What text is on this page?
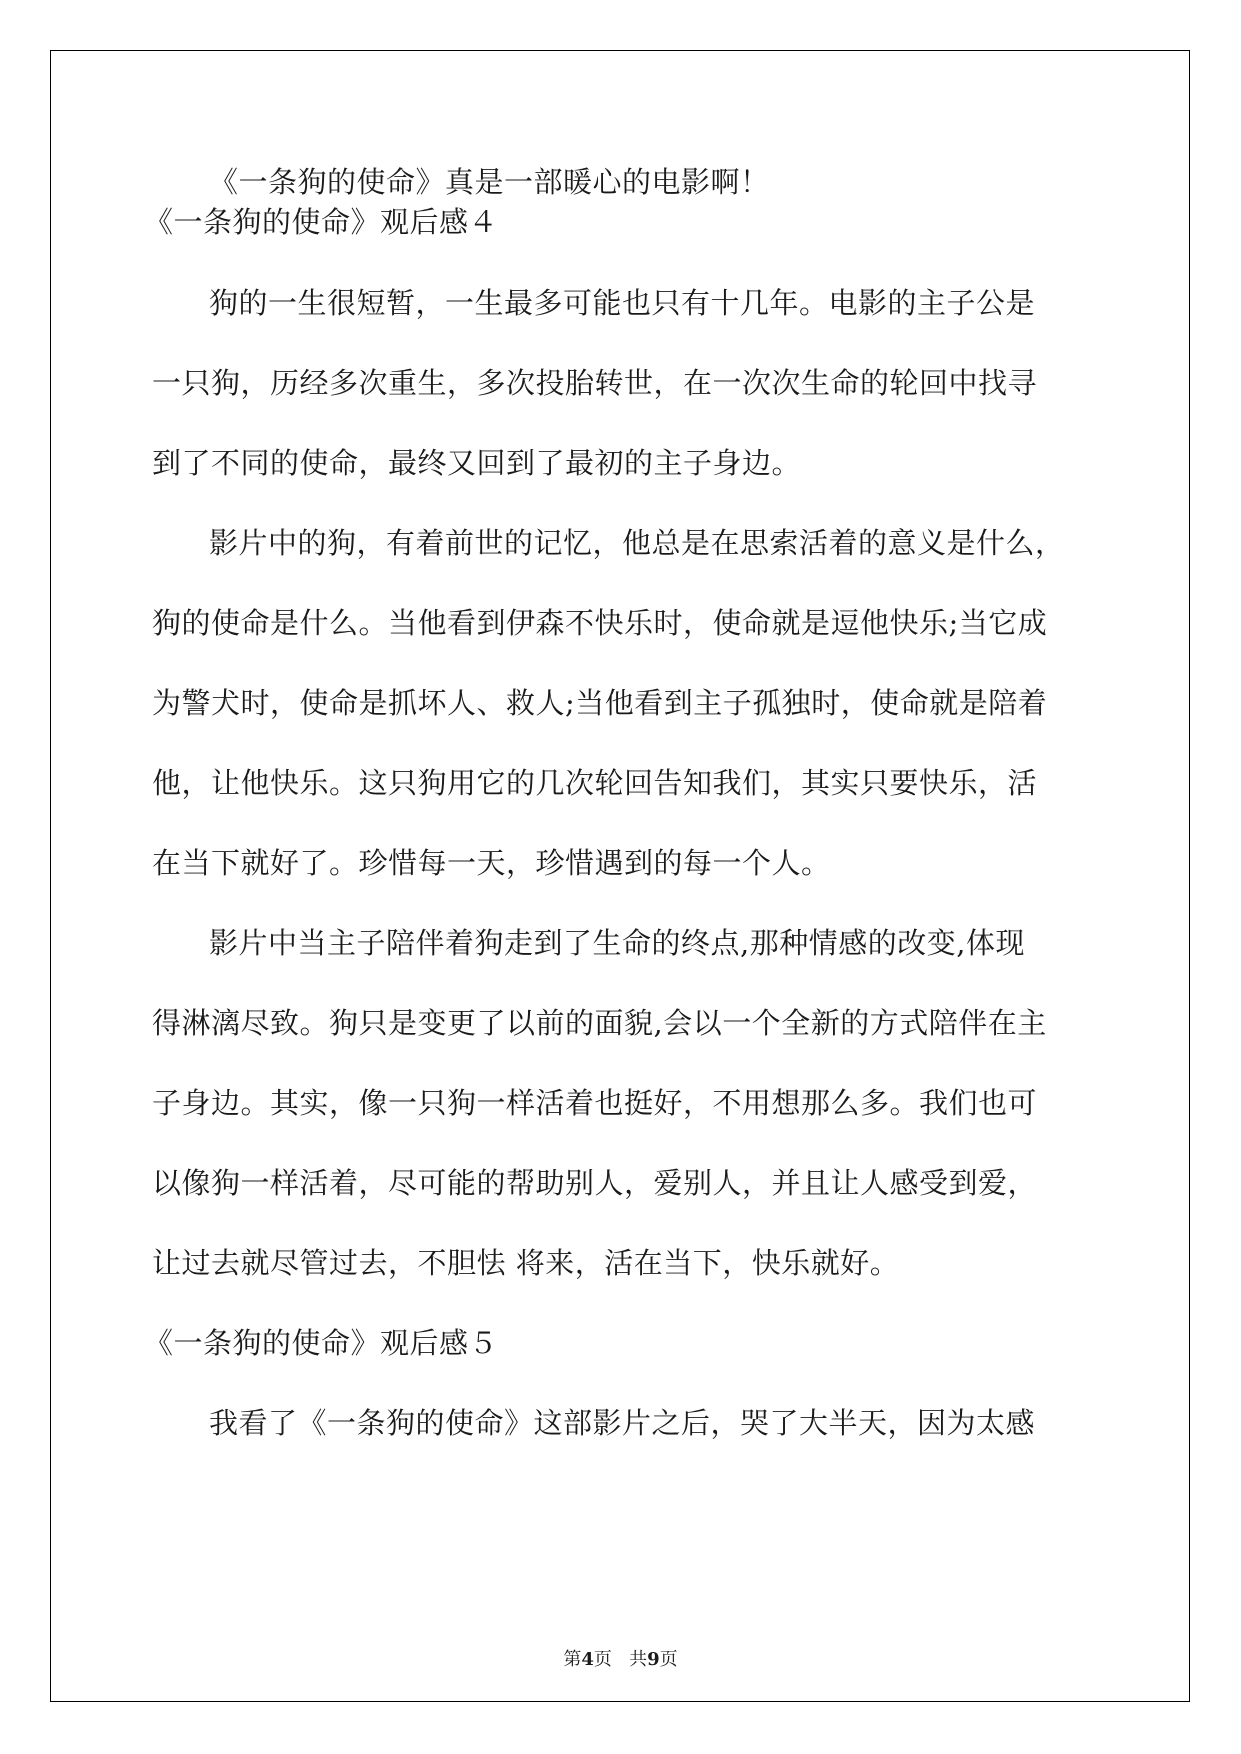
《一条狗的使命》真是一部暖心的电影啊！
《一条狗的使命》观后感４
狗的一生很短暂，一生最多可能也只有十几年。电影的主子公是
一只狗，历经多次重生，多次投胎转世，在一次次生命的轮回中找寻
到了不同的使命，最终又回到了最初的主子身边。
影片中的狗，有着前世的记忆，他总是在思索活着的意义是什么，
狗的使命是什么。当他看到伊森不快乐时，使命就是逗他快乐;当它成
为警犬时，使命是抓坏人、救人;当他看到主子孤独时，使命就是陪着
他，让他快乐。这只狗用它的几次轮回告知我们，其实只要快乐，活
在当下就好了。珍惜每一天，珍惜遇到的每一个人。
影片中当主子陪伴着狗走到了生命的终点,那种情感的改变,体现
得淋漓尽致。狗只是变更了以前的面貌,会以一个全新的方式陪伴在主
子身边。其实，像一只狗一样活着也挺好，不用想那么多。我们也可
以像狗一样活着，尽可能的帮助别人，爱别人，并且让人感受到爱，
让过去就尽管过去，不胆怯 将来，活在当下，快乐就好。
《一条狗的使命》观后感５
我看了《一条狗的使命》这部影片之后，哭了大半天，因为太感
第4页   共9页
